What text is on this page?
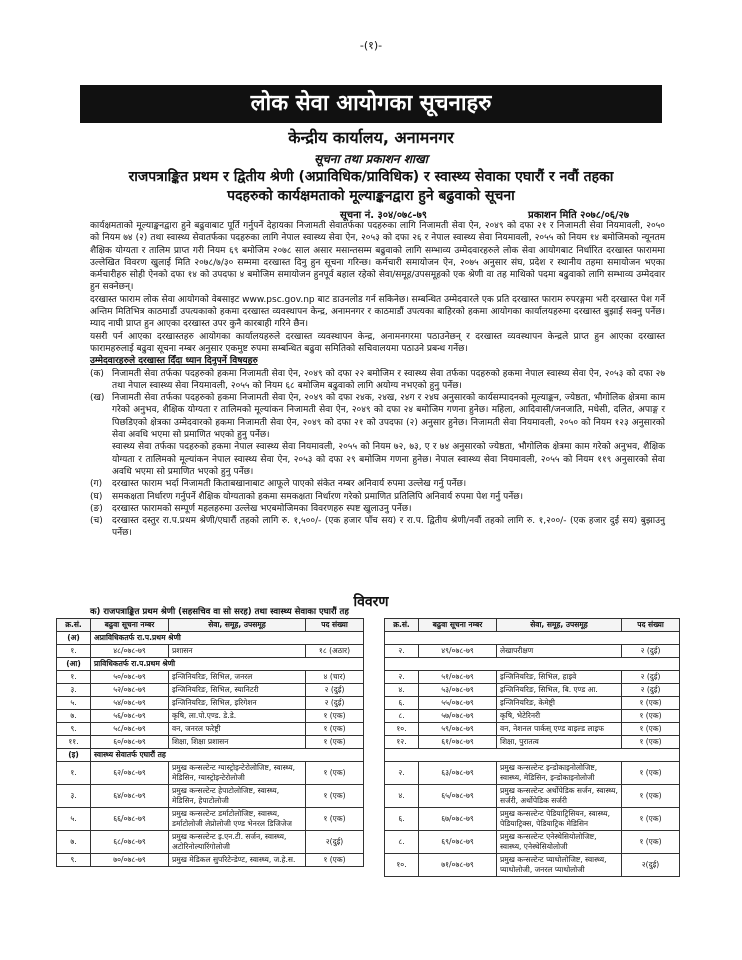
-(१)-
लोक सेवा आयोगका सूचनाहरु
केन्द्रीय कार्यालय, अनामनगर
सूचना तथा प्रकाशन शाखा
राजपत्राङ्कित प्रथम र द्वितीय श्रेणी (अप्राविधिक/प्राविधिक) र स्वास्थ्य सेवाका एघारौं र नवौं तहका
पदहरुको कार्यक्षमताको मूल्याङ्कनद्वारा हुने बढुवाको सूचना
सूचना नं. ३०४/०७८-७९	प्रकाशन मिति २०७८/०६/२७

कार्यक्षमताको मूल्याङ्कनद्वारा हुने बढुवाबाट पूर्ति गर्नुपर्ने देहायका निजामती सेवातर्फका पदहरुका लागि निजामती सेवा ऐन, २०४९ को दफा २१ र निजामती सेवा नियमावली, २०५० को नियम ७४ (२) तथा स्वास्थ्य सेवातर्फका पदहरुका लागि नेपाल स्वास्थ्य सेवा ऐन, २०५३ को दफा २६ र नेपाल स्वास्थ्य सेवा नियमावली, २०५५ को नियम १४ बमोजिमको न्यूनतम शैक्षिक योग्यता र तालिम प्राप्त गरी नियम ६९ बमोजिम २०७८ साल असार मसान्तसम्म बढुवाको लागि सम्भाव्य उम्मेदवारहरुले लोक सेवा आयोगबाट निर्धारित दरखास्त फाराममा उल्लेखित विवरण खुलाई मिति २०७८/७/३० सम्ममा दरखास्त दिनु हुन सूचना गरिन्छ। कर्मचारी समायोजन ऐन, २०७५ अनुसार संघ, प्रदेश र स्थानीय तहमा समायोजन भएका कर्मचारीहरु सोही ऐनको दफा १४ को उपदफा ४ बमोजिम समायोजन हुनपूर्व बहाल रहेको सेवा/समूह/उपसमूहको एक श्रेणी वा तह माथिको पदमा बढुवाको लागि सम्भाव्य उम्मेदवार हुन सक्नेछन्।

दरखास्त फाराम लोक सेवा आयोगको वेबसाइट www.psc.gov.np बाट डाउनलोड गर्न सकिनेछ। सम्बन्धित उम्मेदवारले एक प्रति दरखास्त फाराम रुपरङ्गमा भरी दरखास्त पेश गर्ने अन्तिम मितिभित्र काठमाडौं उपत्यकाको हकमा दरखास्त व्यवस्थापन केन्द्र, अनामनगर र काठमाडौं उपत्यका बाहिरको हकमा आयोगका कार्यालयहरुमा दरखास्त बुझाई सक्नु पर्नेछ। म्याद नाघी प्राप्त हुन आएका दरखास्त उपर कुनै कारबाही गरिने छैन।

यसरी पर्न आएका दरखास्तहरु आयोगका कार्यालयहरुले दरखास्त व्यवस्थापन केन्द्र, अनामनगरमा पठाउनेछन् र दरखास्त व्यवस्थापन केन्द्रले प्राप्त हुन आएका दरखास्त फारामहरुलाई बढुवा सूचना नम्बर अनुसार एकमुष्ट रुपमा सम्बन्धित बढुवा समितिको सचिवालयमा पठाउने प्रबन्ध गर्नेछ।

उम्मेदवारहरुले दरखास्त दिँदा ध्यान दिनुपर्ने विषयहरु

(क) निजामती सेवा तर्फका पदहरुको हकमा निजामती सेवा ऐन, २०४९ को दफा २२ बमोजिम र स्वास्थ्य सेवा तर्फका पदहरुको हकमा नेपाल स्वास्थ्य सेवा ऐन, २०५३ को दफा २७ तथा नेपाल स्वास्थ्य सेवा नियमावली, २०५५ को नियम ६८ बमोजिम बढुवाको लागि अयोग्य नभएको हुनु पर्नेछ।
(ख) निजामती सेवा तर्फका पदहरुको हकमा निजामती सेवा ऐन, २०४९ को दफा २४क, २४ख, २४ग र २४घ अनुसारको कार्यसम्पादनको मूल्याङ्कन, ज्येष्ठता, भौगोलिक क्षेत्रमा काम गरेको अनुभव, शैक्षिक योग्यता र तालिमको मूल्यांकन निजामती सेवा ऐन, २०४९ को दफा २४ बमोजिम गणना हुनेछ। महिला, आदिवासी/जनजाति, मधेसी, दलित, अपाङ्ग र पिछडिएको क्षेत्रका उम्मेदवारको हकमा निजामती सेवा ऐन, २०४९ को दफा २१ को उपदफा (२) अनुसार हुनेछ। निजामती सेवा नियमावली, २०५० को नियम १२३ अनुसारको सेवा अवधि भएमा सो प्रमाणित भएको हुनु पर्नेछ।
स्वास्थ्य सेवा तर्फका पदहरुको हकमा नेपाल स्वास्थ्य सेवा नियमावली, २०५५ को नियम ७२, ७३, ए र ७४ अनुसारको ज्येष्ठता, भौगोलिक क्षेत्रमा काम गरेको अनुभव, शैक्षिक योग्यता र तालिमको मूल्यांकन नेपाल स्वास्थ्य सेवा ऐन, २०५३ को दफा २९ बमोजिम गणना हुनेछ। नेपाल स्वास्थ्य सेवा नियमावली, २०५५ को नियम ११९ अनुसारको सेवा अवधि भएमा सो प्रमाणित भएको हुनु पर्नेछ।
(ग)	दरखास्त फाराम भर्दा निजामती किताबखानाबाट आफूले पाएको संकेत नम्बर अनिवार्य रुपमा उल्लेख गर्नु पर्नेछ।
(घ)	समकक्षता निर्धारण गर्नुपर्ने शैक्षिक योग्यताको हकमा समकक्षता निर्धारण गरेको प्रमाणित प्रतिलिपि अनिवार्य रुपमा पेश गर्नु पर्नेछ।
(ङ)	दरखास्त फारामको सम्पूर्ण महलहरुमा उल्लेख भएबमोजिमका विवरणहरु स्पष्ट खुलाउनु पर्नेछ।
(च)	दरखास्त दस्तुर रा.प.प्रथम श्रेणी/एघारौं तहको लागि रु. १,५००/- (एक हजार पाँच सय) र रा.प. द्वितीय श्रेणी/नवौं तहको लागि रु. १,२००/- (एक हजार दुई सय) बुझाउनु पर्नेछ।
विवरण
क) राजपत्राङ्कित प्रथम श्रेणी (सहसचिव वा सो सरह) तथा स्वास्थ्य सेवाका एघारौं तह
क्र.सं.	बढुवा सूचना नम्बर	सेवा, समूह, उपसमूह	पद संख्या
(अ)	अप्राविधिकतर्फ रा.प.प्रथम श्रेणी		
१.	४८/०७८-७९	प्रशासन	१८ (अठार)
(आ)	प्राविधिकतर्फ रा.प.प्रथम श्रेणी		
१.	५०/०७८-७९	इन्जिनियरिङ, सिभिल, जनरल	४ (चार)
३.	५२/०७८-७९	इन्जिनियरिङ, सिभिल, स्यानिटरी	२ (दुई)
५.	५४/०७८-७९	इन्जिनियरिङ, सिभिल, इरिगेशन	२ (दुई)
७.	५६/०७८-७९	कृषि, ला.पो.एण्ड. डे.डे.	१ (एक)
९.	५८/०७८-७९	वन, जनरल फरेष्ट्री	१ (एक)
११.	६०/०७८-७९	शिक्षा, शिक्षा प्रशासन	१ (एक)
(इ)	स्वास्थ्य सेवातर्फ एघारौं तह		
१.	६२/०७८-७९	प्रमुख कन्सल्टेन्ट ग्यास्ट्रोइन्टेरोलोजिष्ट, स्वास्थ्य, मेडिसिन, ग्यास्ट्रोइन्टेरोलोजी	१ (एक)
३.	६४/०७८-७९	प्रमुख कन्सल्टेन्ट हेपाटोलोजिष्ट, स्वास्थ्य, मेडिसिन, हेपाटोलोजी	१ (एक)
५.	६६/०७८-७९	प्रमुख कन्सल्टेन्ट डर्माटोलोजिष्ट, स्वास्थ्य, डर्माटोलोजी लेप्रोलोजी एण्ड भेनरल डिजिजेज	१ (एक)
७.	६८/०७८-७९	प्रमुख कन्सल्टेन्ट इ.एन.टी. सर्जन, स्वास्थ्य, अटोरिनोल्यारिंगोलोजी	२(दुई)
९.	७०/०७८-७९	प्रमुख मेडिकल सुपरिटेन्डेण्ट, स्वास्थ्य, ज.हे.स.	१ (एक)
क्र.सं.	बढुवा सूचना नम्बर	सेवा, समूह, उपसमूह	पद संख्या

२.	४९/०७८-७९	लेखापरीक्षण	२ (दुई)

२.	५१/०७८-७९	इन्जिनियरिङ, सिभिल, हाइवे	२ (दुई)
४.	५३/०७८-७९	इन्जिनियरिङ, सिभिल, बि. एण्ड आ.	२ (दुई)
६.	५५/०७८-७९	इन्जिनियरिङ, केमेष्ट्री	१ (एक)
८.	५७/०७८-७९	कृषि, भेटेरिनरी	१ (एक)
१०.	५९/०७८-७९	वन, नेशनल पार्कस् एण्ड वाइल्ड लाइफ	१ (एक)
१२.	६१/०७८-७९	शिक्षा, पुरातत्व	१ (एक)

२.	६३/०७८-७९	प्रमुख कन्सल्टेन्ट इन्डोकाइनोलोजिष्ट, स्वास्थ्य, मेडिसिन, इन्डोकाइनोलोजी	१ (एक)
४.	६५/०७८-७९	प्रमुख कन्सल्टेन्ट अर्थोपेडिक सर्जन, स्वास्थ्य, सर्जरी, अर्थोपेडिक सर्जरी	१ (एक)
६.	६७/०७८-७९	प्रमुख कन्सल्टेन्ट पेडियाट्रिसियन, स्वास्थ्य, पेडियाट्रिक्स, पेडियाट्रिक मेडिसिन	१ (एक)
८.	६९/०७८-७९	प्रमुख कन्सल्टेन्ट एनेस्थेसियोलोजिष्ट, स्वास्थ्य, एनेस्थेसियोलोजी	१ (एक)
१०.	७१/०७८-७९	प्रमुख कन्सल्टेन्ट प्याथोलोजिष्ट, स्वास्थ्य, प्याथोलोजी, जनरल प्याथोलोजी	२(दुई)
